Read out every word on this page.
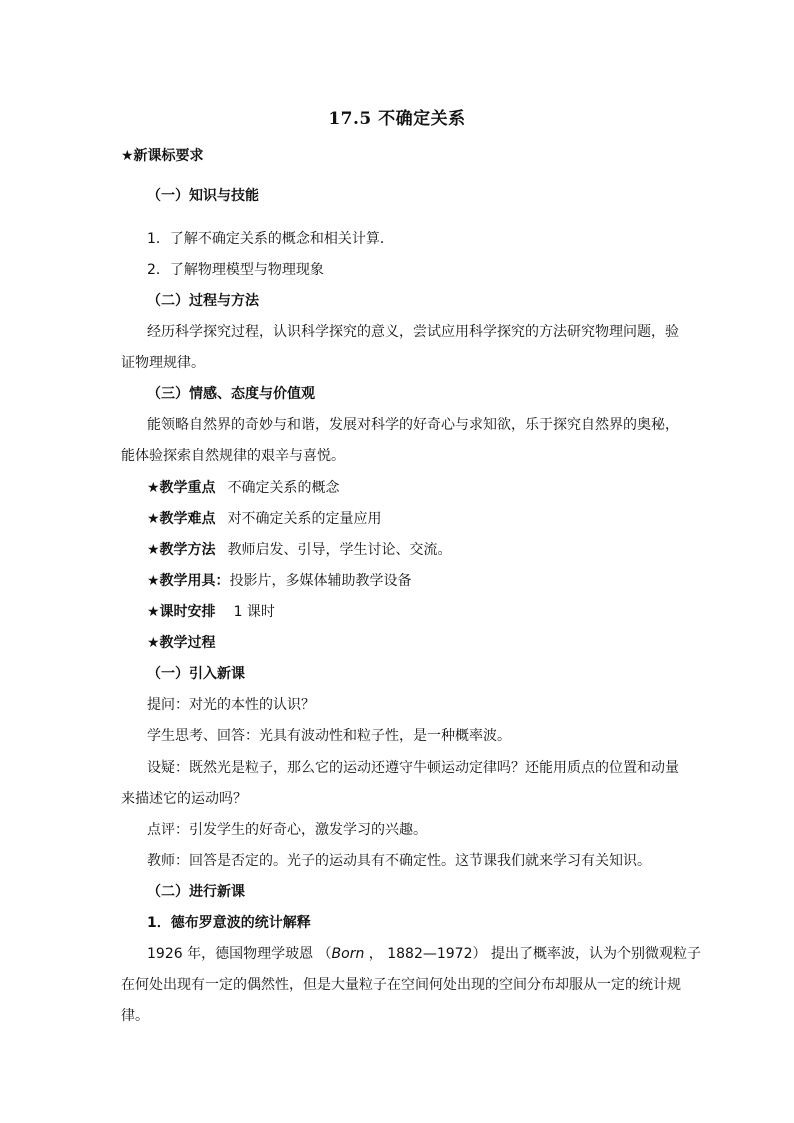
17.5 不确定关系
★新课标要求
（一）知识与技能
1．了解不确定关系的概念和相关计算．
2．了解物理模型与物理现象
（二）过程与方法
经历科学探究过程，认识科学探究的意义，尝试应用科学探究的方法研究物理问题，验
证物理规律。
（三）情感、态度与价值观
能领略自然界的奇妙与和谐，发展对科学的好奇心与求知欲，乐于探究自然界的奥秘，
能体验探索自然规律的艰辛与喜悦。
★教学重点 不确定关系的概念
★教学难点 对不确定关系的定量应用
★教学方法 教师启发、引导，学生讨论、交流。
★教学用具：投影片，多媒体辅助教学设备
★课时安排 1 课时
★教学过程
（一）引入新课
提问：对光的本性的认识？
学生思考、回答：光具有波动性和粒子性，是一种概率波。
设疑：既然光是粒子，那么它的运动还遵守牛顿运动定律吗？还能用质点的位置和动量
来描述它的运动吗？
点评：引发学生的好奇心，激发学习的兴趣。
教师：回答是否定的。光子的运动具有不确定性。这节课我们就来学习有关知识。
（二）进行新课
1．德布罗意波的统计解释
1926 年，德国物理学玻恩 （Born ， 1882—1972） 提出了概率波，认为个别微观粒子
在何处出现有一定的偶然性，但是大量粒子在空间何处出现的空间分布却服从一定的统计规
律。
